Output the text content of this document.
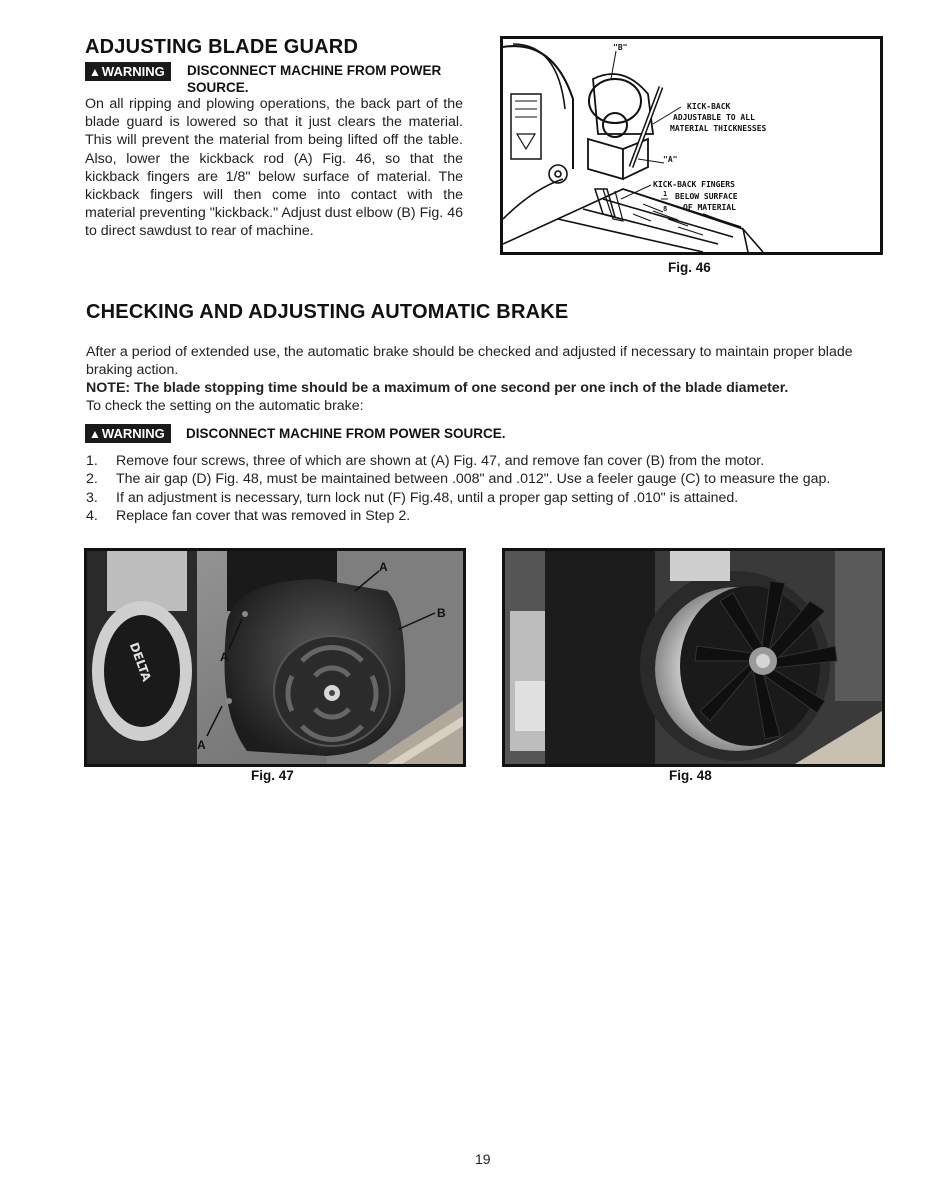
ADJUSTING BLADE GUARD
▲WARNING	DISCONNECT MACHINE FROM POWER
SOURCE.
On all ripping and plowing operations, the back part of the blade guard is lowered so that it just clears the material. This will prevent the material from being lifted off the table. Also, lower the kickback rod (A) Fig. 46, so that the kickback fingers are 1/8" below surface of material. The kickback fingers will then come into contact with the material preventing "kickback." Adjust dust elbow (B) Fig. 46 to direct sawdust to rear of machine.
"B"
"A"
KICK-BACK
ADJUSTABLE TO ALL
MATERIAL THICKNESSES
KICK-BACK FINGERS
1
8
BELOW SURFACE
OF MATERIAL
Fig. 46
CHECKING AND ADJUSTING AUTOMATIC BRAKE
After a period of extended use, the automatic brake should be checked and adjusted if necessary to maintain proper blade braking action.
NOTE: The blade stopping time should be a maximum of one second per one inch of the blade diameter.
To check the setting on the automatic brake:
▲WARNING	DISCONNECT MACHINE FROM POWER SOURCE.
1.	Remove four screws, three of which are shown at (A) Fig. 47, and remove fan cover (B) from the motor.
2.	The air gap (D) Fig. 48, must be maintained between .008" and .012". Use a feeler gauge (C) to measure the gap.
3.	If an adjustment is necessary, turn lock nut (F) Fig.48, until a proper gap setting of .010" is attained.
4.	Replace fan cover that was removed in Step 2.
DELTA
A
B
A
A
Fig. 47	Fig. 48
19
